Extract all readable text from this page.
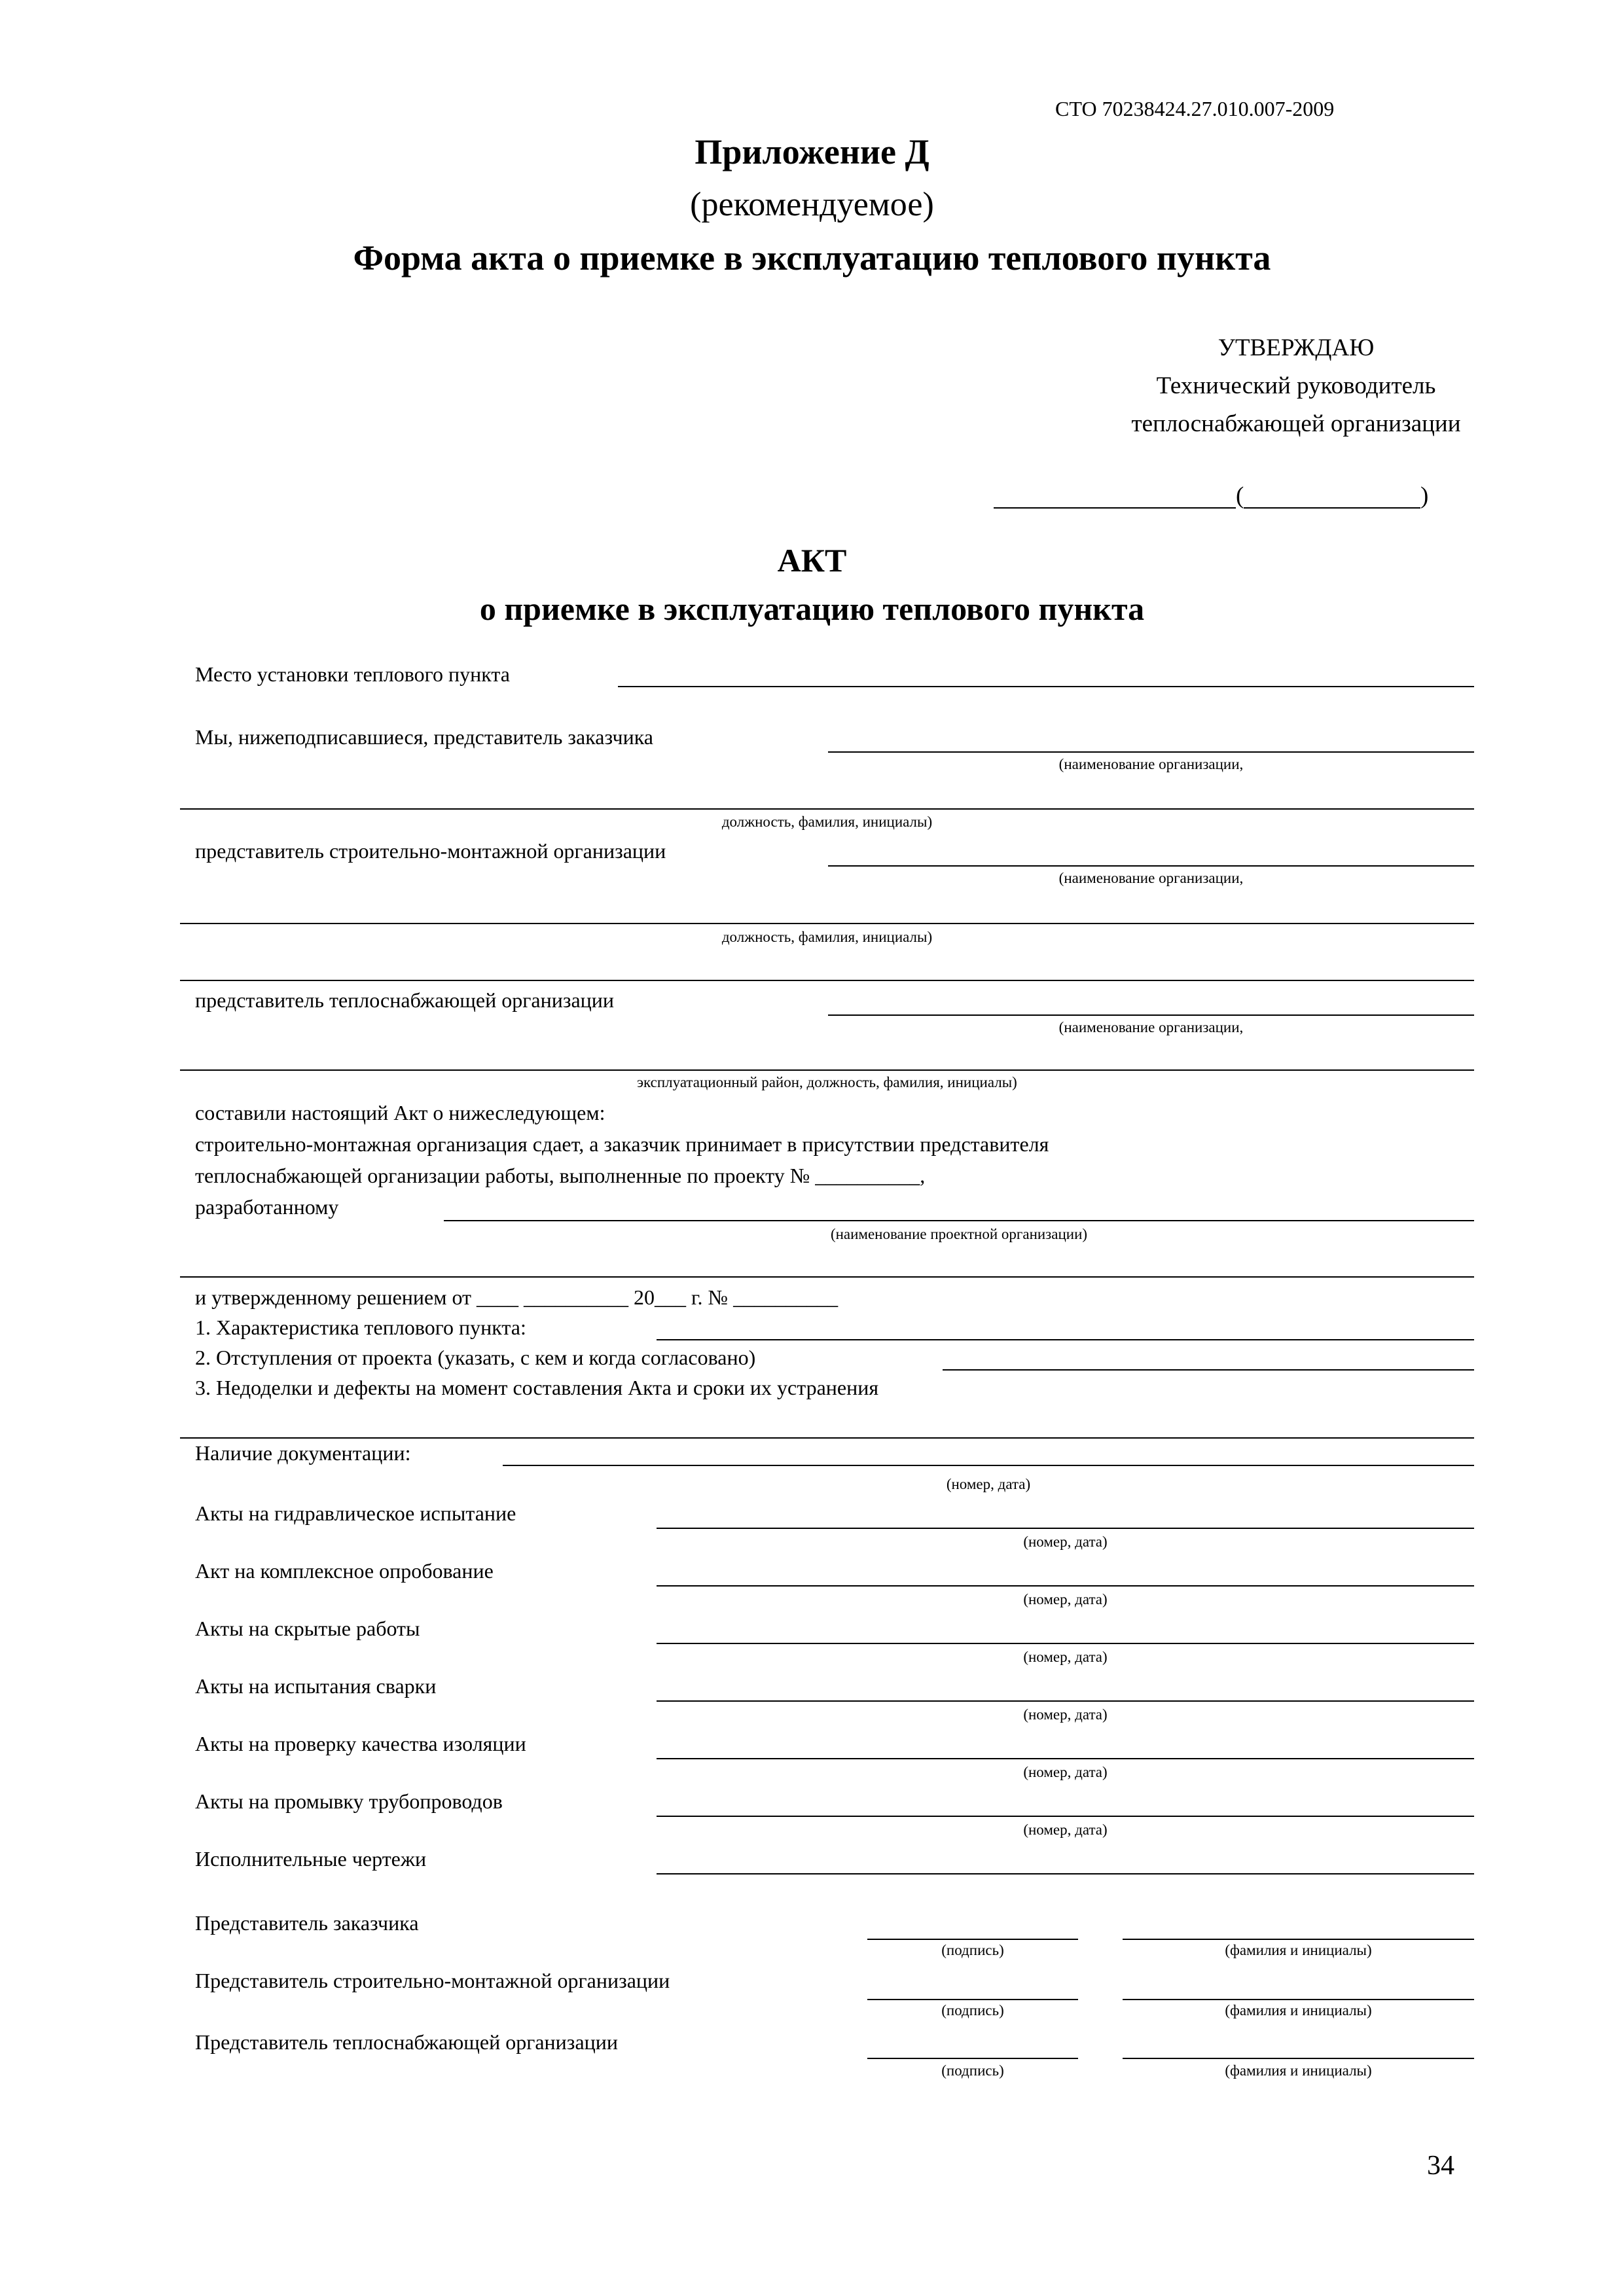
СТО 70238424.27.010.007-2009
Приложение Д
(рекомендуемое)
Форма акта о приемке в эксплуатацию теплового пункта
УТВЕРЖДАЮ
Технический руководитель
теплоснабжающей организации
(	)
АКТ
о приемке в эксплуатацию теплового пункта
Место установки теплового пункта
Мы, нижеподписавшиеся, представитель заказчика
(наименование организации,
должность, фамилия, инициалы)
представитель строительно-монтажной организации
(наименование организации,
должность, фамилия, инициалы)
представитель теплоснабжающей организации
(наименование организации,
эксплуатационный район, должность, фамилия, инициалы)
составили настоящий Акт о нижеследующем:
строительно-монтажная организация сдает, а заказчик принимает в присутствии представителя
теплоснабжающей организации работы, выполненные по проекту № __________,
разработанному
(наименование проектной организации)
и утвержденному решением от ____ __________ 20___ г. № __________
1. Характеристика теплового пункта:
2. Отступления от проекта (указать, с кем и когда согласовано)
3. Недоделки и дефекты на момент составления Акта и сроки их устранения
Наличие документации:
(номер, дата)
Акты на гидравлическое испытание
(номер, дата)
Акт на комплексное опробование
(номер, дата)
Акты на скрытые работы
(номер, дата)
Акты на испытания сварки
(номер, дата)
Акты на проверку качества изоляции
(номер, дата)
Акты на промывку трубопроводов
(номер, дата)
Исполнительные чертежи
Представитель заказчика
(подпись)	(фамилия и инициалы)
Представитель строительно-монтажной организации
(подпись)	(фамилия и инициалы)
Представитель теплоснабжающей организации
(подпись)	(фамилия и инициалы)
34
